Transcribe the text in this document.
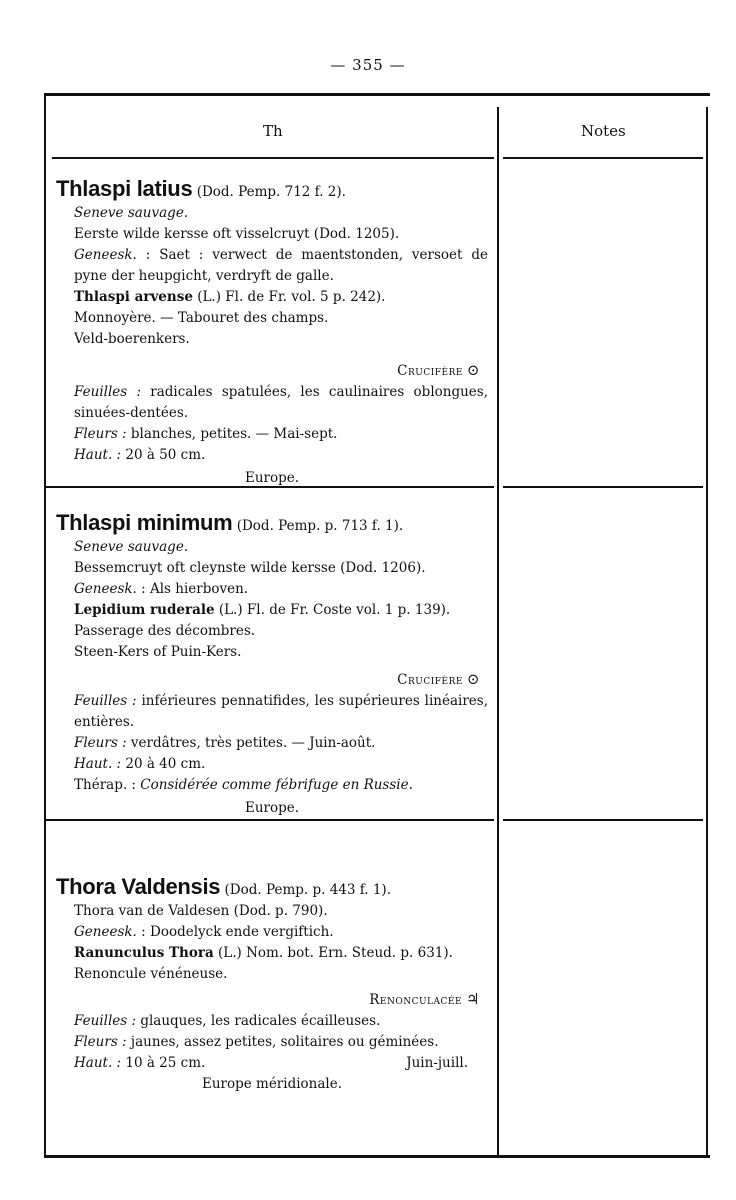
— 355 —
Th	Notes
Thlaspi latius (Dod. Pemp. 712 f. 2).
Seneve sauvage.
Eerste wilde kersse oft visselcruyt (Dod. 1205).
Geneesk. : Saet : verwect de maentstonden, versoet de pyne der heupgicht, verdryft de galle.
Thlaspi arvense (L.) Fl. de Fr. vol. 5 p. 242).
Monnoyère. — Tabouret des champs.
Veld-boerenkers.
Crucifère ⊙
Feuilles : radicales spatulées, les caulinaires oblongues, sinuées-dentées.
Fleurs : blanches, petites. — Mai-sept.
Haut. : 20 à 50 cm.
Europe.
Thlaspi minimum (Dod. Pemp. p. 713 f. 1).
Seneve sauvage.
Bessemcruyt oft cleynste wilde kersse (Dod. 1206).
Geneesk. : Als hierboven.
Lepidium ruderale (L.) Fl. de Fr. Coste vol. 1 p. 139).
Passerage des décombres.
Steen-Kers of Puin-Kers.
Crucifère ⊙
Feuilles : inférieures pennatifides, les supérieures linéaires, entières.
Fleurs : verdâtres, très petites. — Juin-août.
Haut. : 20 à 40 cm.
Thérap. : Considérée comme fébrifuge en Russie.
Europe.
Thora Valdensis (Dod. Pemp. p. 443 f. 1).
Thora van de Valdesen (Dod. p. 790).
Geneesk. : Doodelyck ende vergiftich.
Ranunculus Thora (L.) Nom. bot. Ern. Steud. p. 631).
Renoncule vénéneuse.
Renonculacée ♃
Feuilles : glauques, les radicales écailleuses.
Fleurs : jaunes, assez petites, solitaires ou géminées.
Haut. : 10 à 25 cm.	Juin-juill.
Europe méridionale.
